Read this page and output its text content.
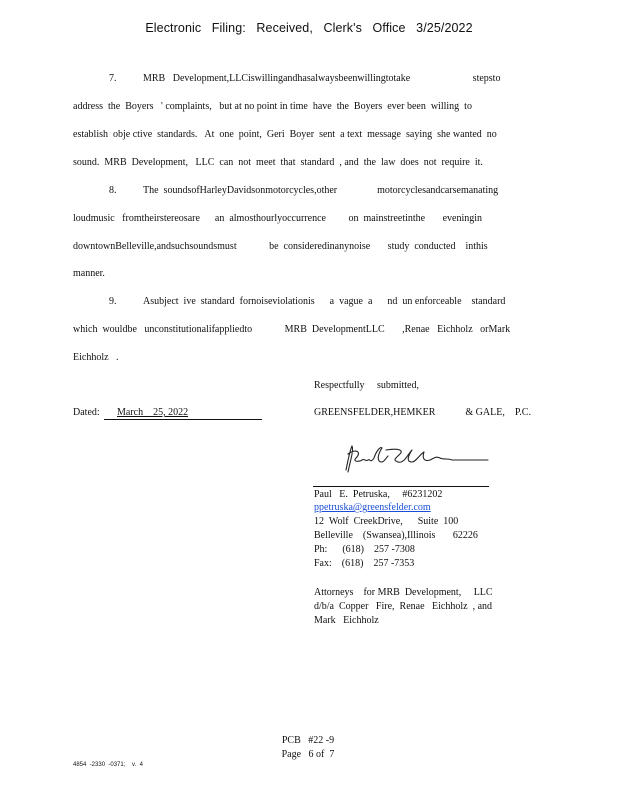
Electronic Filing: Received, Clerk's Office 3/25/2022
7.	MRB   Development,LLCiswillingandhasalwaysbeenwillingtotake                         stepsto
address  the  Boyers   ' complaints,   but at no point in time  have  the  Boyers  ever been  willing  to
establish  obje ctive  standards.   At  one  point,  Geri  Boyer  sent  a text  message  saying  she wanted  no
sound.  MRB  Development,   LLC  can  not  meet  that  standard  , and  the  law  does  not  require  it.
8.	The  soundsofHarleyDavidsonmotorcycles,other                motorcyclesandcarsemanating
loudmusic   fromtheirstereosare      an  almosthourlyoccurrence         on  mainstreetinthe       eveningin
downtownBelleville,andsuchsoundsmust             be  consideredinanynoise       study  conducted    inthis
manner.
9.	Asubject  ive  standard  fornoiseviolationis      a  vague  a      nd  un enforceable    standard
which  wouldbe   unconstitutionalifappliedto             MRB  DevelopmentLLC       ,Renae   Eichholz   orMark
Eichholz   .
Respectfully     submitted,
Dated:	March    25, 2022	GREENSFELDER,HEMKER            & GALE,    P.C.
Paul   E.  Petruska,     #6231202
ppetruska@greensfelder.com
12  Wolf  CreekDrive,      Suite  100
Belleville    (Swansea),Illinois       62226
Ph:      (618)    257 -7308
Fax:    (618)    257 -7353
Attorneys    for MRB  Development,     LLC
d/b/a  Copper   Fire,  Renae   Eichholz  , and
Mark   Eichholz
PCB   #22 -9
Page   6 of  7
4854  -2330  -0371;    v.  4
